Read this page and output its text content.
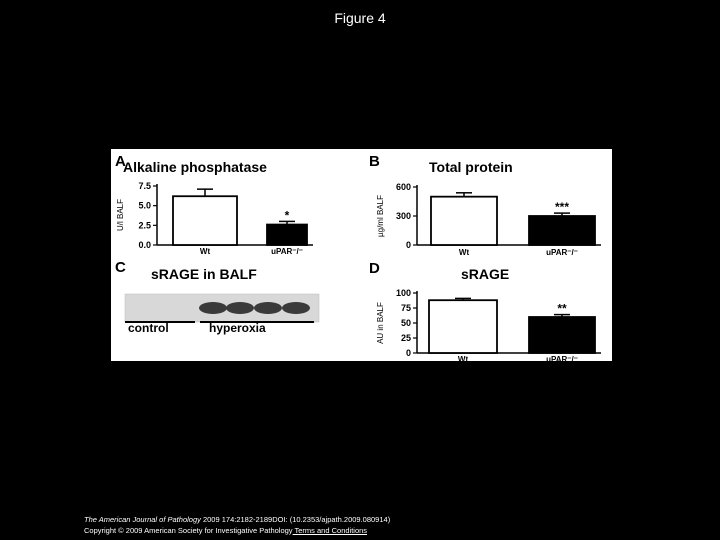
Figure 4
C sRAGE in BALF
control	hyperoxia
A
Alkaline phosphatase
U/l BALF
0.0
2.5
5.0
7.5
Wt
*
uPAR⁻/⁻
B	Total protein
µg/ml BALF
0
300
600
Wt
***
uPAR⁻/⁻
D	sRAGE
AU in BALF
0
25
50
75
100
Wt
**
uPAR⁻/⁻
The American Journal of Pathology 2009 174:2182-2189DOI: (10.2353/ajpath.2009.080914)
Copyright © 2009 American Society for Investigative Pathology Terms and Conditions
